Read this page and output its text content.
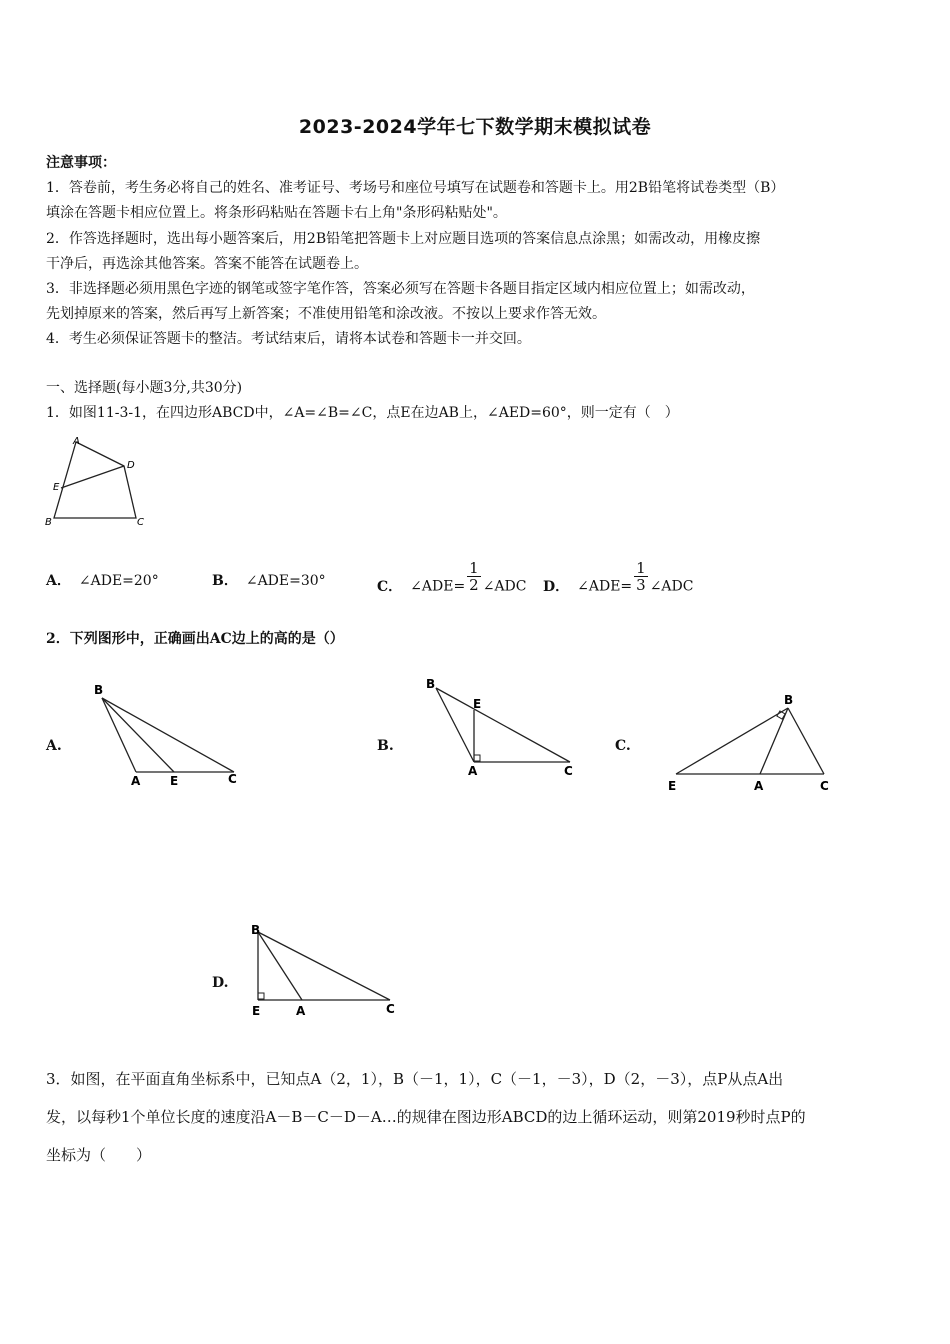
2023-2024学年七下数学期末模拟试卷
注意事项：
1．答卷前，考生务必将自己的姓名、准考证号、考场号和座位号填写在试题卷和答题卡上。用2B铅笔将试卷类型（B）
填涂在答题卡相应位置上。将条形码粘贴在答题卡右上角"条形码粘贴处"。
2．作答选择题时，选出每小题答案后，用2B铅笔把答题卡上对应题目选项的答案信息点涂黑；如需改动，用橡皮擦
干净后，再选涂其他答案。答案不能答在试题卷上。
3．非选择题必须用黑色字迹的钢笔或签字笔作答，答案必须写在答题卡各题目指定区域内相应位置上；如需改动，
先划掉原来的答案，然后再写上新答案；不准使用铅笔和涂改液。不按以上要求作答无效。
4．考生必须保证答题卡的整洁。考试结束后，请将本试卷和答题卡一并交回。
一、选择题(每小题3分,共30分)
1．如图11-3-1，在四边形ABCD中，∠A=∠B=∠C，点E在边AB上，∠AED=60°，则一定有（　）
A
D
E
B	C
A． ∠ADE=20°	B． ∠ADE=30°	C． ∠ADE= $\frac{1}{2}$ ∠ADC D． ∠ADE= $\frac{1}{3}$ ∠ADC
2．下列图形中，正确画出AC边上的高的是（）
A.
B
A E	C
B.
B
E
A	C
C.
B
E	A	C
D.
B
E	A	C
3．如图，在平面直角坐标系中，已知点A（2，1），B（－1，1），C（－1，－3），D（2，－3），点P从点A出
发，以每秒1个单位长度的速度沿A－B－C－D－A…的规律在图边形ABCD的边上循环运动，则第2019秒时点P的
坐标为（　　）
